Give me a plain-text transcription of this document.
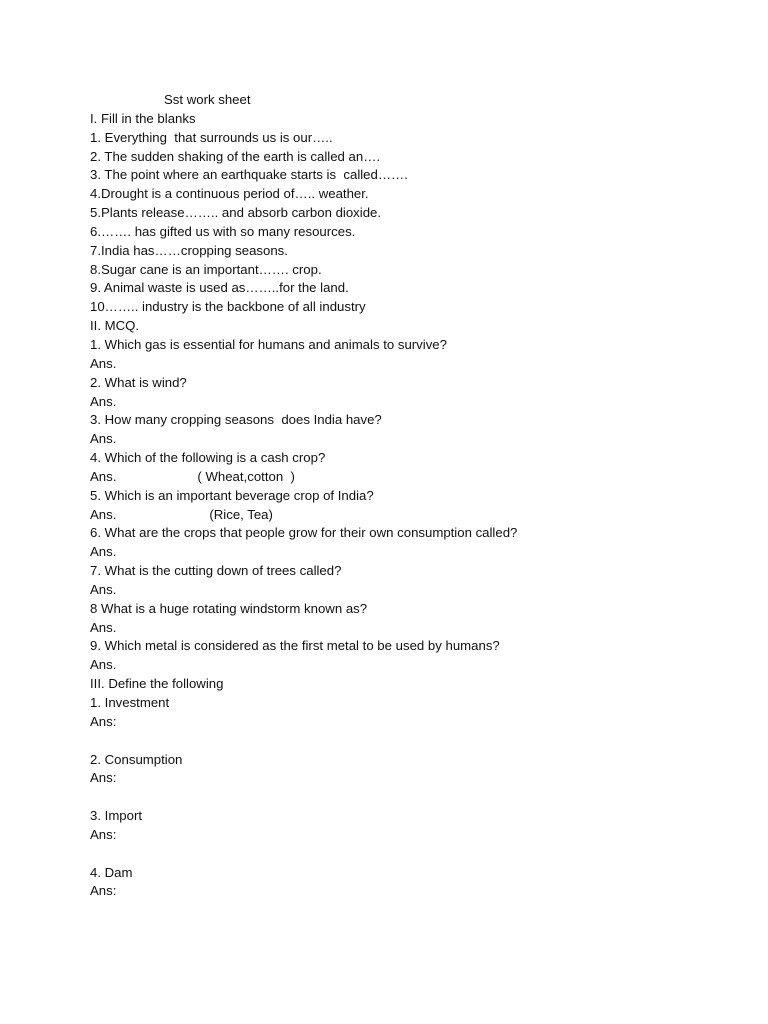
Sst work sheet
I. Fill in the blanks
1. Everything  that surrounds us is our…..
2. The sudden shaking of the earth is called an….
3. The point where an earthquake starts is  called…….
4.Drought is a continuous period of….. weather.
5.Plants release…….. and absorb carbon dioxide.
6.……. has gifted us with so many resources.
7.India has……cropping seasons.
8.Sugar cane is an important……. crop.
9. Animal waste is used as……..for the land.
10…….. industry is the backbone of all industry
II. MCQ.
1. Which gas is essential for humans and animals to survive?
Ans.
2. What is wind?
Ans.
3. How many cropping seasons  does India have?
Ans.
4. Which of the following is a cash crop?
Ans.	( Wheat,cotton  )
5. Which is an important beverage crop of India?
Ans.	(Rice, Tea)
6. What are the crops that people grow for their own consumption called?
Ans.
7. What is the cutting down of trees called?
Ans.
8 What is a huge rotating windstorm known as?
Ans.
9. Which metal is considered as the first metal to be used by humans?
Ans.
III. Define the following
1. Investment
Ans:
2. Consumption
Ans:
3. Import
Ans:
4. Dam
Ans:
